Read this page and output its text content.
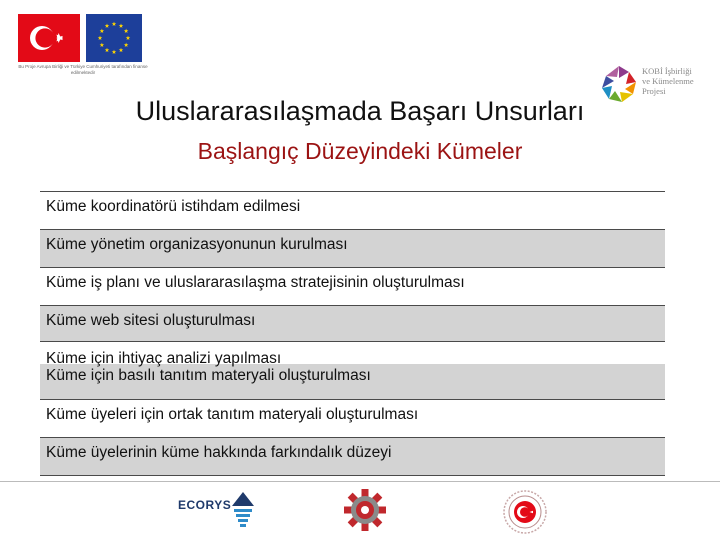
Bu Proje Avrupa Birliği ve Türkiye Cumhuriyeti tarafından finanse edilmektedir	KOBİ İşbirliği
ve Kümelenme
Projesi
Uluslararasılaşmada Başarı Unsurları
Başlangıç Düzeyindeki Kümeler
Küme koordinatörü istihdam edilmesi
Küme yönetim organizasyonunun kurulması
Küme iş planı ve uluslararasılaşma stratejisinin oluşturulması
Küme web sitesi oluşturulması
Küme için ihtiyaç analizi yapılması
Küme için basılı tanıtım materyali oluşturulması
Küme üyeleri için ortak tanıtım materyali oluşturulması
Küme üyelerinin küme hakkında farkındalık düzeyi
ECORYS
